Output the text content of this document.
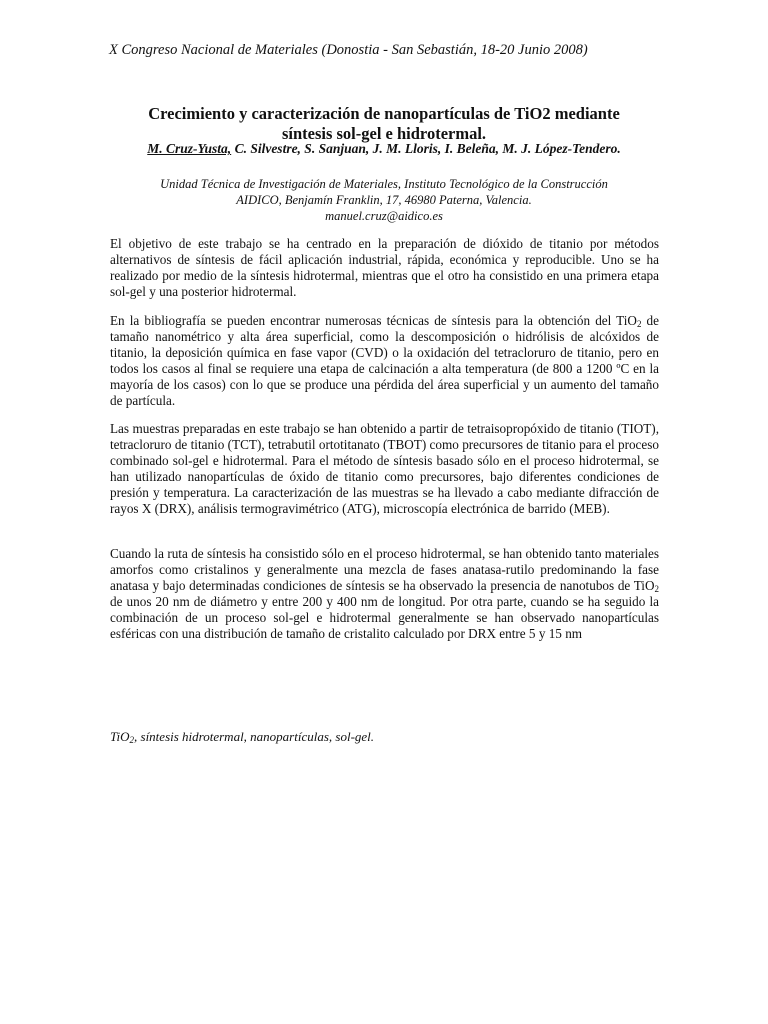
X Congreso Nacional de Materiales (Donostia - San Sebastián, 18-20 Junio 2008)
Crecimiento y caracterización de nanopartículas de TiO2 mediante
síntesis sol-gel e hidrotermal.
M. Cruz-Yusta, C. Silvestre, S. Sanjuan, J. M. Lloris, I. Beleña, M. J. López-Tendero.
Unidad Técnica de Investigación de Materiales, Instituto Tecnológico de la Construcción
AIDICO, Benjamín Franklin, 17, 46980 Paterna, Valencia.
manuel.cruz@aidico.es
El objetivo de este trabajo se ha centrado en la preparación de dióxido de titanio por métodos alternativos de síntesis de fácil aplicación industrial, rápida, económica y reproducible. Uno se ha realizado por medio de la síntesis hidrotermal, mientras que el otro ha consistido en una primera etapa sol-gel y una posterior hidrotermal.
En la bibliografía se pueden encontrar numerosas técnicas de síntesis para la obtención del TiO$_2$ de tamaño nanométrico y alta área superficial, como la descomposición o hidrólisis de alcóxidos de titanio, la deposición química en fase vapor (CVD) o la oxidación del tetracloruro de titanio, pero en todos los casos al final se requiere una etapa de calcinación a alta temperatura (de 800 a 1200 ºC en la mayoría de los casos) con lo que se produce una pérdida del área superficial y un aumento del tamaño de partícula.
Las muestras preparadas en este trabajo se han obtenido a partir de tetraisopropóxido de titanio (TIOT), tetracloruro de titanio (TCT), tetrabutil ortotitanato (TBOT) como precursores de titanio para el proceso combinado sol-gel e hidrotermal. Para el método de síntesis basado sólo en el proceso hidrotermal, se han utilizado nanopartículas de óxido de titanio como precursores, bajo diferentes condiciones de presión y temperatura. La caracterización de las muestras se ha llevado a cabo mediante difracción de rayos X (DRX), análisis termogravimétrico (ATG), microscopía electrónica de barrido (MEB).
Cuando la ruta de síntesis ha consistido sólo en el proceso hidrotermal, se han obtenido tanto materiales amorfos como cristalinos y generalmente una mezcla de fases anatasa-rutilo predominando la fase anatasa y bajo determinadas condiciones de síntesis se ha observado la presencia de nanotubos de TiO$_2$ de unos 20 nm de diámetro y entre 200 y 400 nm de longitud. Por otra parte, cuando se ha seguido la combinación de un proceso sol-gel e hidrotermal generalmente se han observado nanopartículas esféricas con una distribución de tamaño de cristalito calculado por DRX entre 5 y 15 nm
TiO$_2$, síntesis hidrotermal, nanopartículas, sol-gel.
